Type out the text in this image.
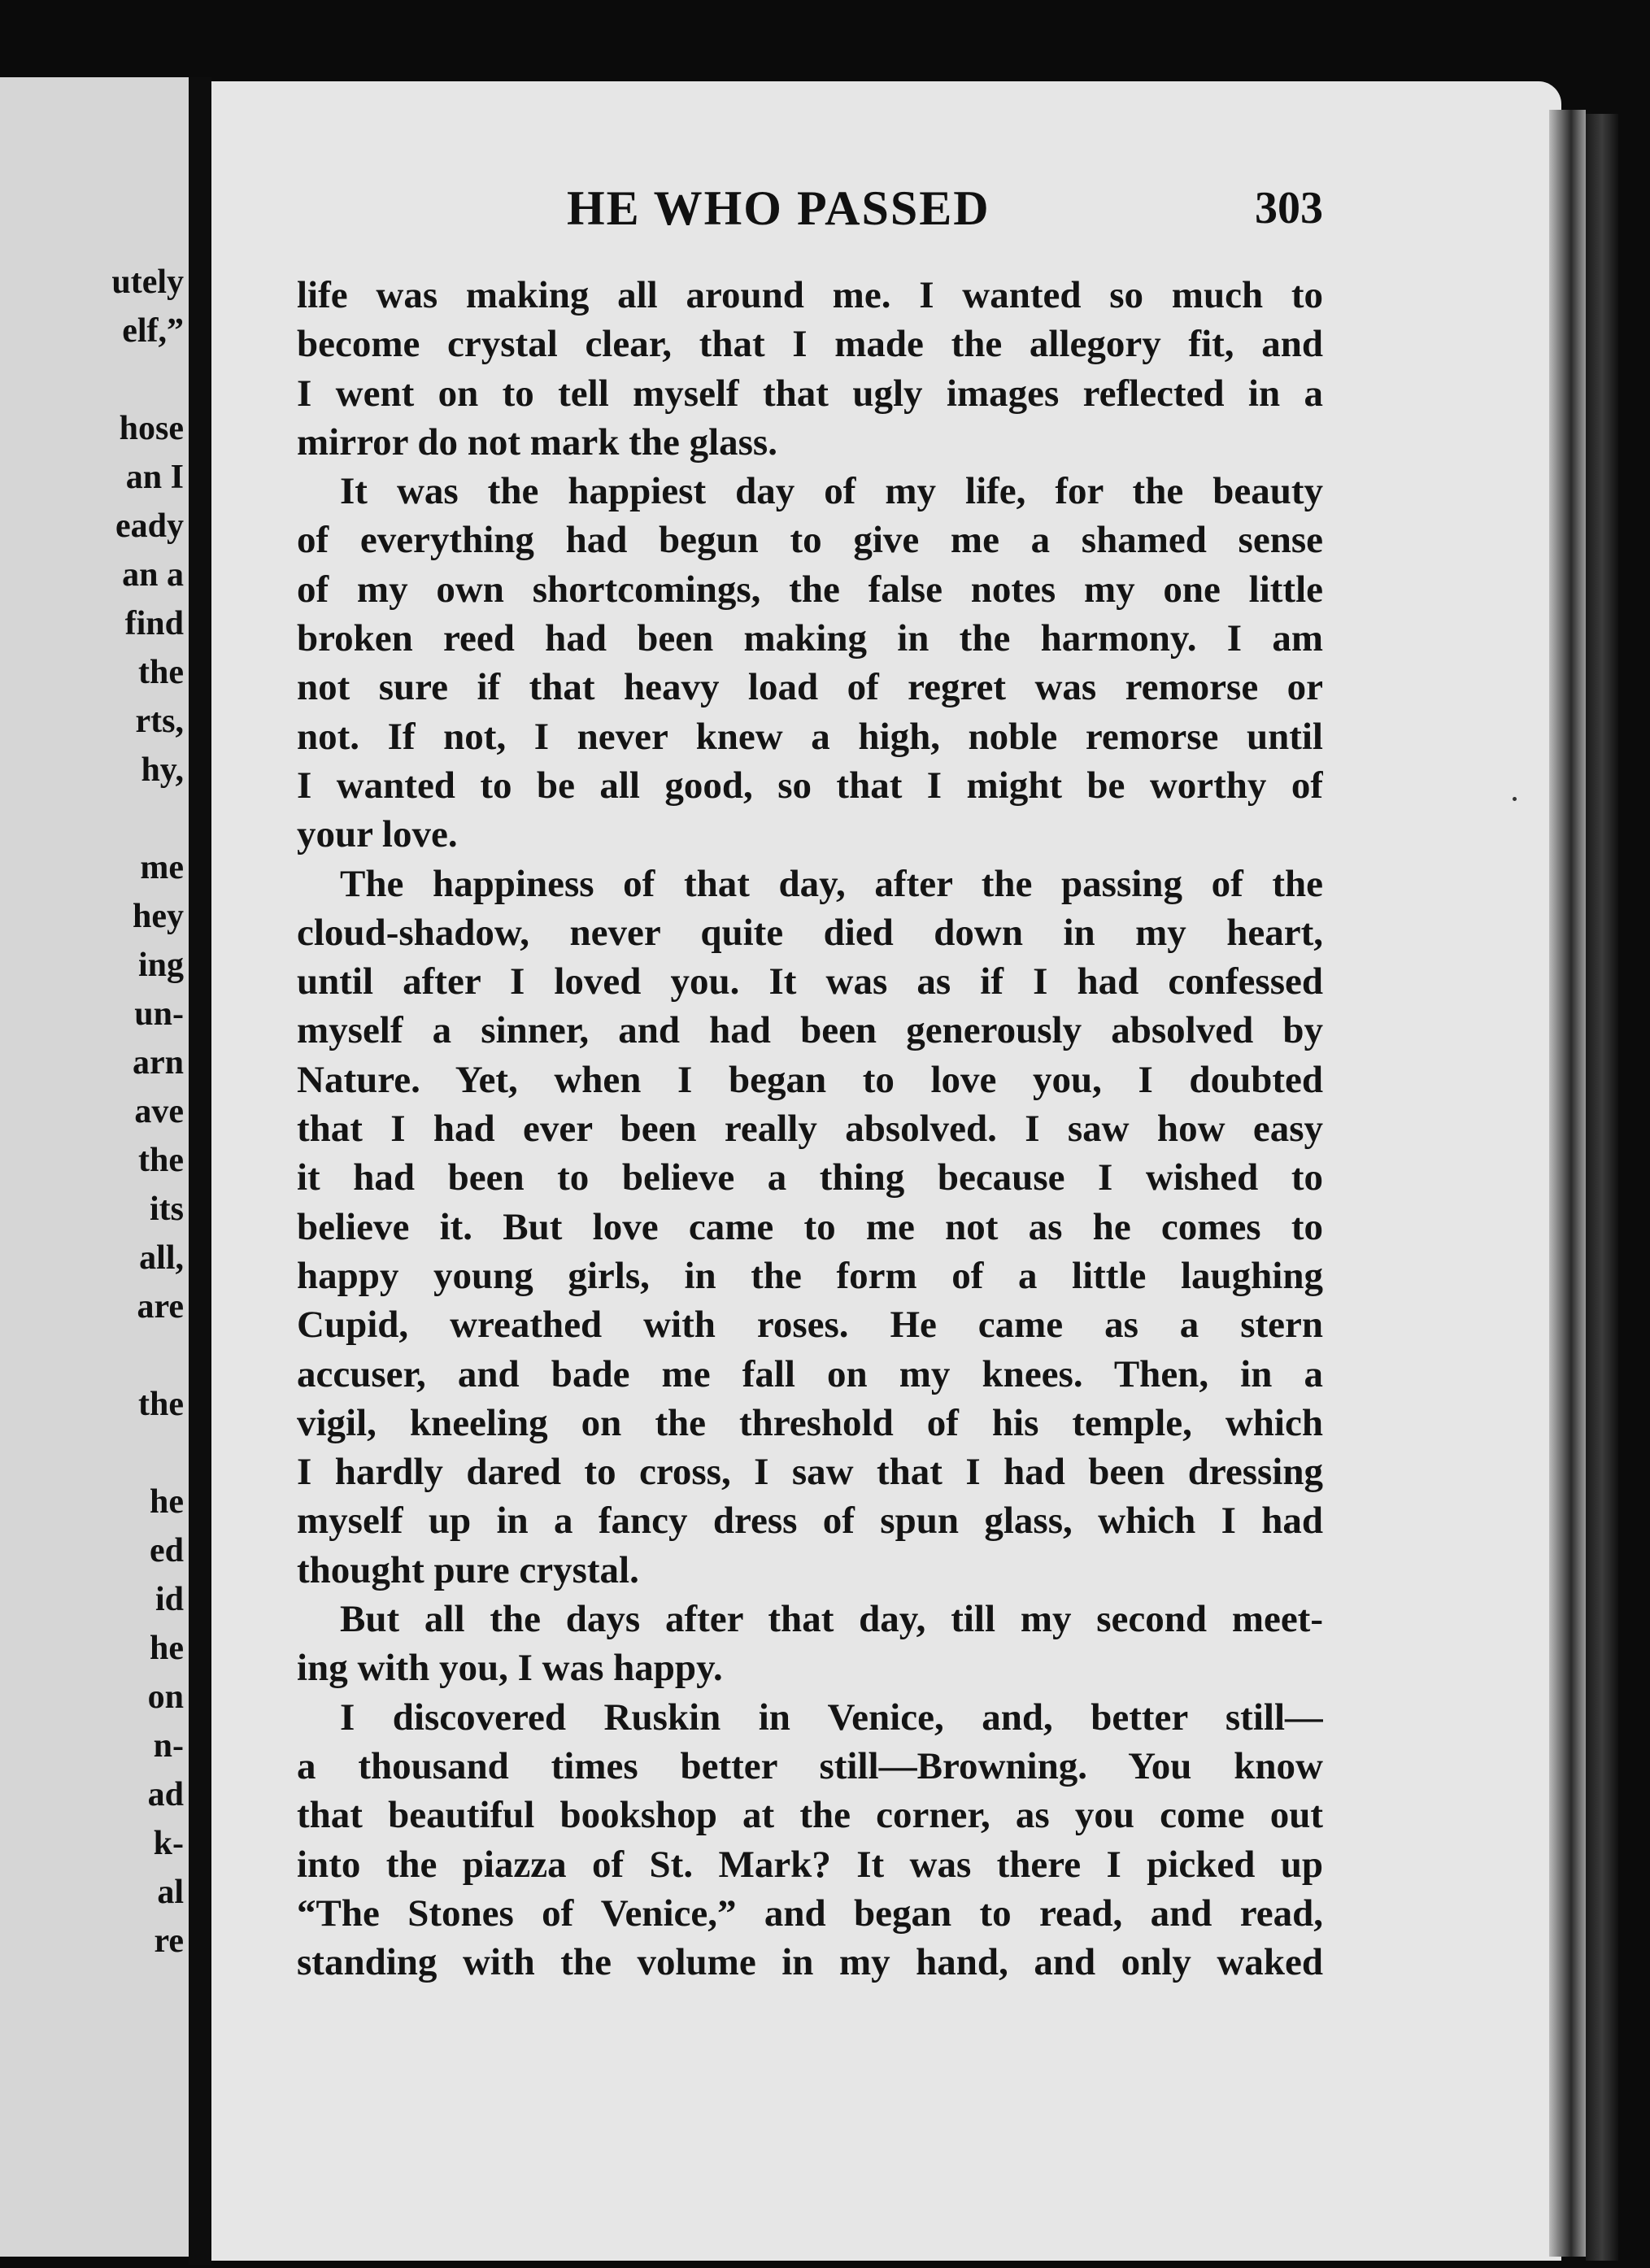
utely
elf,”
hose
an I
eady
an a
find
the
rts,
hy,
me
hey
ing
un-
arn
ave
the
its
all,
are
the
he
ed
id
he
on
n-
ad
k-
al
re
HE WHO PASSED	303
life was making all around me. I wanted so much to
become crystal clear, that I made the allegory fit, and
I went on to tell myself that ugly images reflected in a
mirror do not mark the glass.
It was the happiest day of my life, for the beauty
of everything had begun to give me a shamed sense
of my own shortcomings, the false notes my one little
broken reed had been making in the harmony. I am
not sure if that heavy load of regret was remorse or
not. If not, I never knew a high, noble remorse until
I wanted to be all good, so that I might be worthy of
your love.
The happiness of that day, after the passing of the
cloud-shadow, never quite died down in my heart,
until after I loved you. It was as if I had confessed
myself a sinner, and had been generously absolved by
Nature. Yet, when I began to love you, I doubted
that I had ever been really absolved. I saw how easy
it had been to believe a thing because I wished to
believe it. But love came to me not as he comes to
happy young girls, in the form of a little laughing
Cupid, wreathed with roses. He came as a stern
accuser, and bade me fall on my knees. Then, in a
vigil, kneeling on the threshold of his temple, which
I hardly dared to cross, I saw that I had been dressing
myself up in a fancy dress of spun glass, which I had
thought pure crystal.
But all the days after that day, till my second meet-
ing with you, I was happy.
I discovered Ruskin in Venice, and, better still—
a thousand times better still—Browning. You know
that beautiful bookshop at the corner, as you come out
into the piazza of St. Mark? It was there I picked up
“The Stones of Venice,” and began to read, and read,
standing with the volume in my hand, and only waked
